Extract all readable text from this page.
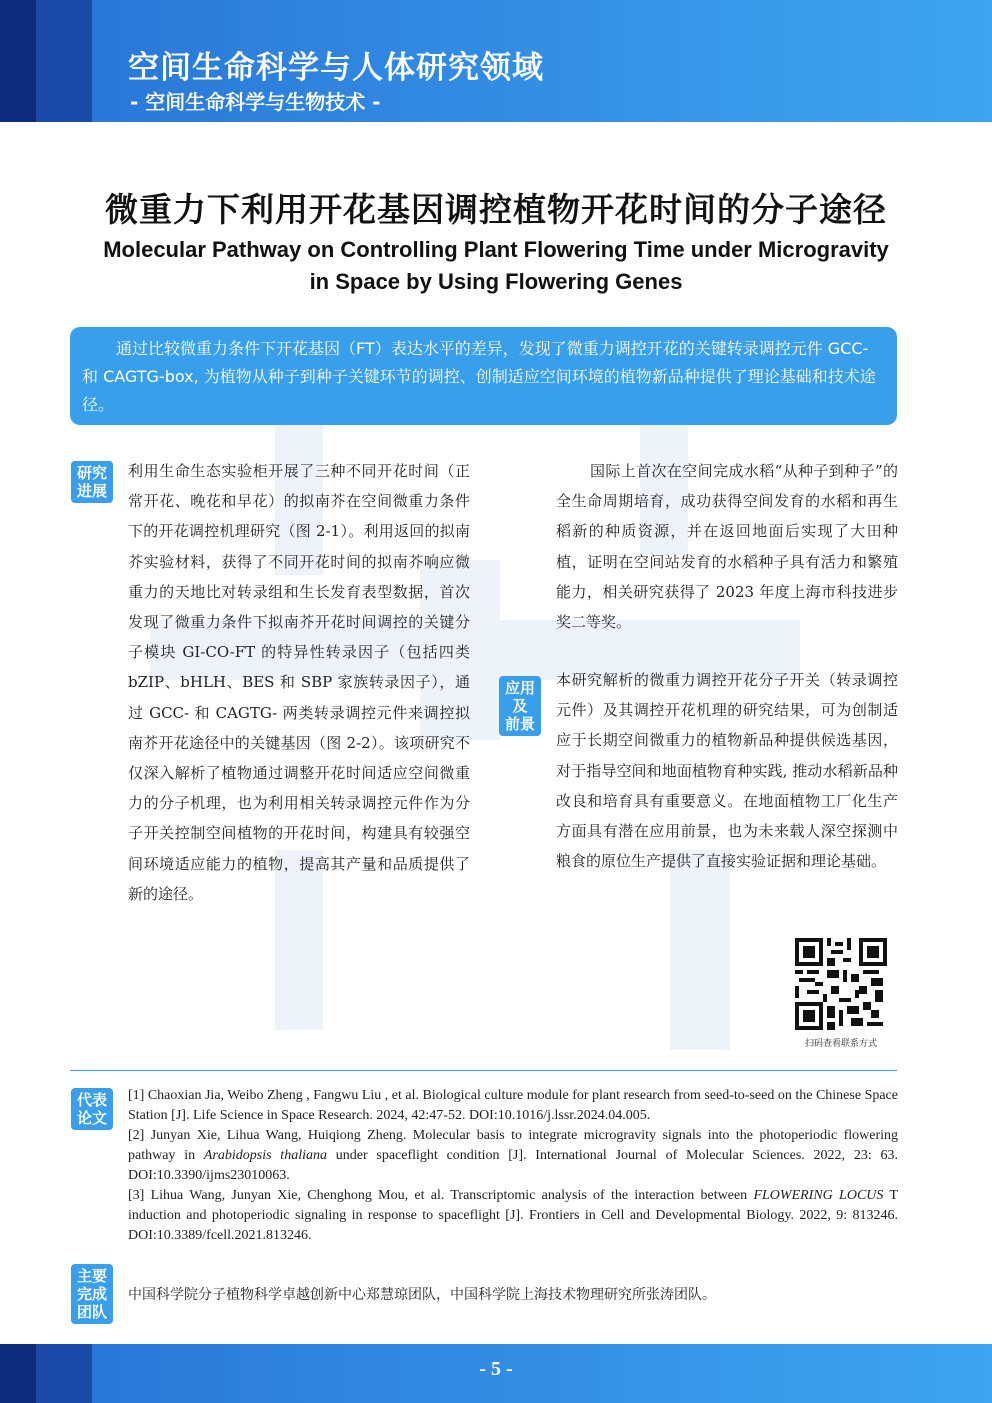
空间生命科学与人体研究领域
- 空间生命科学与生物技术 -
微重力下利用开花基因调控植物开花时间的分子途径
Molecular Pathway on Controlling Plant Flowering Time under Microgravity in Space by Using Flowering Genes

通过比较微重力条件下开花基因（FT）表达水平的差异，发现了微重力调控开花的关键转录调控元件 GCC- 和 CAGTG-box, 为植物从种子到种子关键环节的调控、创制适应空间环境的植物新品种提供了理论基础和技术途径。

研究
进展
应用
及
前景
代表
论文
主要
完成
团队

利用生命生态实验柜开展了三种不同开花时间（正常开花、晚花和早花）的拟南芥在空间微重力条件下的开花调控机理研究（图 2-1）。利用返回的拟南芥实验材料，获得了不同开花时间的拟南芥响应微重力的天地比对转录组和生长发育表型数据，首次发现了微重力条件下拟南芥开花时间调控的关键分子模块 GI-CO-FT 的特异性转录因子（包括四类 bZIP、bHLH、BES 和 SBP 家族转录因子），通过 GCC- 和 CAGTG- 两类转录调控元件来调控拟南芥开花途径中的关键基因（图 2-2）。该项研究不仅深入解析了植物通过调整开花时间适应空间微重力的分子机理，也为利用相关转录调控元件作为分子开关控制空间植物的开花时间，构建具有较强空间环境适应能力的植物，提高其产量和品质提供了新的途径。

国际上首次在空间完成水稻“从种子到种子”的全生命周期培育，成功获得空间发育的水稻和再生稻新的种质资源，并在返回地面后实现了大田种植，证明在空间站发育的水稻种子具有活力和繁殖能力，相关研究获得了 2023 年度上海市科技进步奖二等奖。

本研究解析的微重力调控开花分子开关（转录调控元件）及其调控开花机理的研究结果，可为创制适应于长期空间微重力的植物新品种提供候选基因，对于指导空间和地面植物育种实践, 推动水稻新品种改良和培育具有重要意义。在地面植物工厂化生产方面具有潜在应用前景，也为未来载人深空探测中粮食的原位生产提供了直接实验证据和理论基础。

扫码查看联系方式

[1] Chaoxian Jia, Weibo Zheng , Fangwu Liu , et al. Biological culture module for plant research from seed-to-seed on the Chinese Space Station [J]. Life Science in Space Research. 2024, 42:47-52. DOI:10.1016/j.lssr.2024.04.005.

[2] Junyan Xie, Lihua Wang, Huiqiong Zheng. Molecular basis to integrate microgravity signals into the photoperiodic flowering pathway in Arabidopsis thaliana under spaceflight condition [J]. International Journal of Molecular Sciences. 2022, 23: 63. DOI:10.3390/ijms23010063.

[3] Lihua Wang, Junyan Xie, Chenghong Mou, et al. Transcriptomic analysis of the interaction between FLOWERING LOCUS T induction and photoperiodic signaling in response to spaceflight [J]. Frontiers in Cell and Developmental Biology. 2022, 9: 813246. DOI:10.3389/fcell.2021.813246.

中国科学院分子植物科学卓越创新中心郑慧琼团队，中国科学院上海技术物理研究所张涛团队。
- 5 -
